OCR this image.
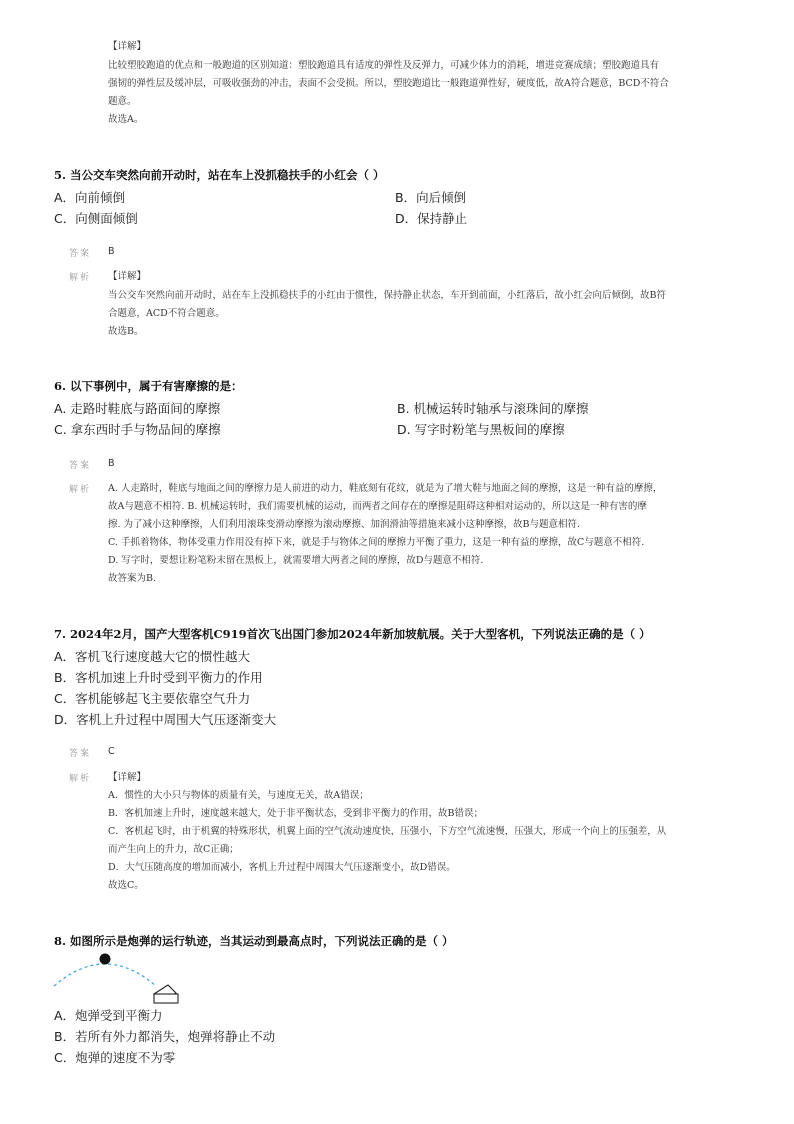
【详解】
比较塑胶跑道的优点和一般跑道的区别知道：塑胶跑道具有适度的弹性及反弹力，可减少体力的消耗，增进竞赛成绩；塑胶跑道具有
强韧的弹性层及缓冲层，可吸收强劲的冲击，表面不会受损。所以，塑胶跑道比一般跑道弹性好，硬度低，故A符合题意，BCD不符合
题意。
故选A。
5. 当公交车突然向前开动时，站在车上没抓稳扶手的小红会（ ）
A．向前倾倒	B．向后倾倒
C．向侧面倾倒	D．保持静止
答案 B
解析 【详解】
当公交车突然向前开动时，站在车上没抓稳扶手的小红由于惯性，保持静止状态，车开到前面，小红落后，故小红会向后倾倒，故B符
合题意，ACD不符合题意。
故选B。
6. 以下事例中，属于有害摩擦的是：
A. 走路时鞋底与路面间的摩擦	B. 机械运转时轴承与滚珠间的摩擦
C. 拿东西时手与物品间的摩擦	D. 写字时粉笔与黑板间的摩擦
答案 B
解析 A. 人走路时，鞋底与地面之间的摩擦力是人前进的动力，鞋底刻有花纹，就是为了增大鞋与地面之间的摩擦，这是一种有益的摩擦，
故A与题意不相符. B. 机械运转时，我们需要机械的运动，而两者之间存在的摩擦是阻碍这种相对运动的，所以这是一种有害的摩
擦. 为了减小这种摩擦，人们利用滚珠变滑动摩擦为滚动摩擦、加润滑油等措施来减小这种摩擦，故B与题意相符.
C. 手抓着物体，物体受重力作用没有掉下来，就是手与物体之间的摩擦力平衡了重力，这是一种有益的摩擦，故C与题意不相符.
D. 写字时，要想让粉笔粉末留在黑板上，就需要增大两者之间的摩擦，故D与题意不相符.
故答案为B.
7. 2024年2月，国产大型客机C919首次飞出国门参加2024年新加坡航展。关于大型客机，下列说法正确的是（ ）
A．客机飞行速度越大它的惯性越大
B．客机加速上升时受到平衡力的作用
C．客机能够起飞主要依靠空气升力
D．客机上升过程中周围大气压逐渐变大
答案 C
解析 【详解】
A．惯性的大小只与物体的质量有关，与速度无关，故A错误；
B．客机加速上升时，速度越来越大，处于非平衡状态，受到非平衡力的作用，故B错误；
C．客机起飞时，由于机翼的特殊形状，机翼上面的空气流动速度快，压强小，下方空气流速慢，压强大，形成一个向上的压强差，从
而产生向上的升力，故C正确；
D．大气压随高度的增加而减小，客机上升过程中周围大气压逐渐变小，故D错误。
故选C。
8. 如图所示是炮弹的运行轨迹，当其运动到最高点时，下列说法正确的是（ ）
A．炮弹受到平衡力
B．若所有外力都消失，炮弹将静止不动
C．炮弹的速度不为零
